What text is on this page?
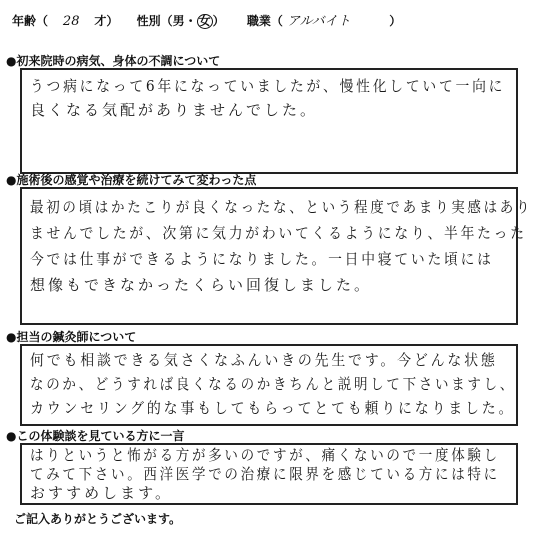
年齢（ 28 才） 性別（男・ 女 ） 職業（ アルバイト	）
●初来院時の病気、身体の不調について
うつ病になって6年になっていましたが、慢性化していて一向に
良くなる気配がありませんでした。
●施術後の感覚や治療を続けてみて変わった点
最初の頃はかたこりが良くなったな、という程度であまり実感はあり
ませんでしたが、次第に気力がわいてくるようになり、半年たった
今では仕事ができるようになりました。一日中寝ていた頃には
想像もできなかったくらい回復しました。
●担当の鍼灸師について
何でも相談できる気さくなふんいきの先生です。今どんな状態
なのか、どうすれば良くなるのかきちんと説明して下さいますし、
カウンセリング的な事もしてもらってとても頼りになりました。
●この体験談を見ている方に一言
はりというと怖がる方が多いのですが、痛くないので一度体験し
てみて下さい。西洋医学での治療に限界を感じている方には特に
おすすめします。
ご記入ありがとうございます。
